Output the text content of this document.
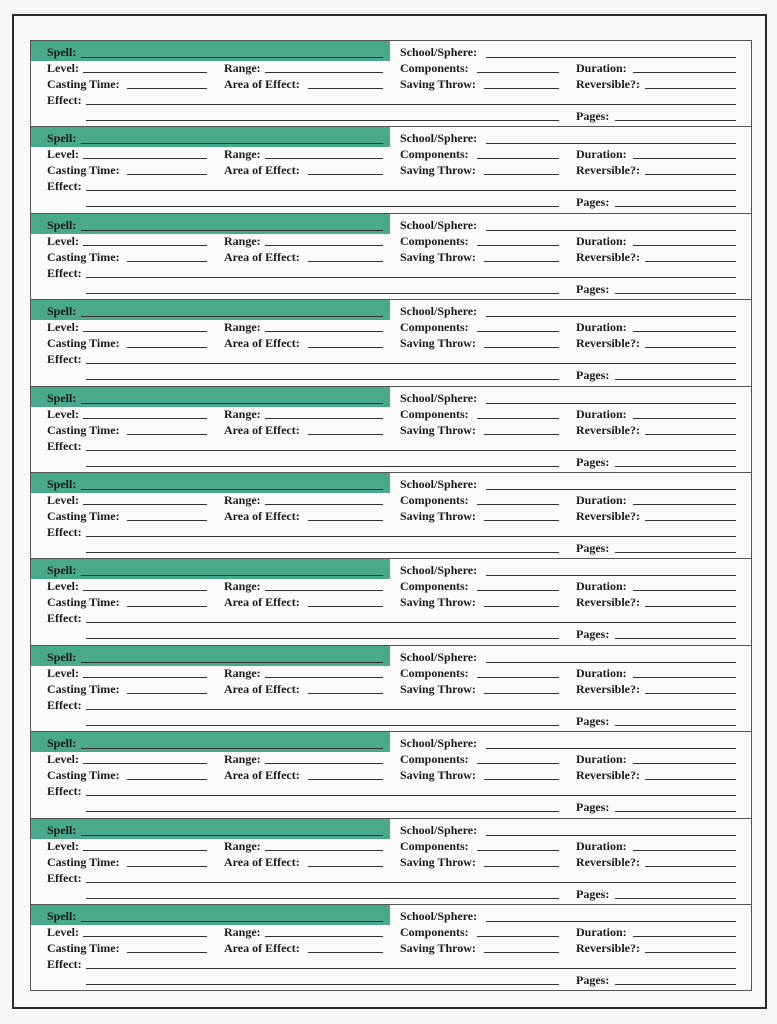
Spell:	School/Sphere:
Level:	Range:	Components:	Duration:
Casting Time:	Area of Effect:	Saving Throw:	Reversible?:
Effect:
Pages:
Spell:	School/Sphere:
Level:	Range:	Components:	Duration:
Casting Time:	Area of Effect:	Saving Throw:	Reversible?:
Effect:
Pages:
Spell:	School/Sphere:
Level:	Range:	Components:	Duration:
Casting Time:	Area of Effect:	Saving Throw:	Reversible?:
Effect:
Pages:
Spell:	School/Sphere:
Level:	Range:	Components:	Duration:
Casting Time:	Area of Effect:	Saving Throw:	Reversible?:
Effect:
Pages:
Spell:	School/Sphere:
Level:	Range:	Components:	Duration:
Casting Time:	Area of Effect:	Saving Throw:	Reversible?:
Effect:
Pages:
Spell:	School/Sphere:
Level:	Range:	Components:	Duration:
Casting Time:	Area of Effect:	Saving Throw:	Reversible?:
Effect:
Pages:
Spell:	School/Sphere:
Level:	Range:	Components:	Duration:
Casting Time:	Area of Effect:	Saving Throw:	Reversible?:
Effect:
Pages:
Spell:	School/Sphere:
Level:	Range:	Components:	Duration:
Casting Time:	Area of Effect:	Saving Throw:	Reversible?:
Effect:
Pages:
Spell:	School/Sphere:
Level:	Range:	Components:	Duration:
Casting Time:	Area of Effect:	Saving Throw:	Reversible?:
Effect:
Pages:
Spell:	School/Sphere:
Level:	Range:	Components:	Duration:
Casting Time:	Area of Effect:	Saving Throw:	Reversible?:
Effect:
Pages:
Spell:	School/Sphere:
Level:	Range:	Components:	Duration:
Casting Time:	Area of Effect:	Saving Throw:	Reversible?:
Effect:
Pages:
